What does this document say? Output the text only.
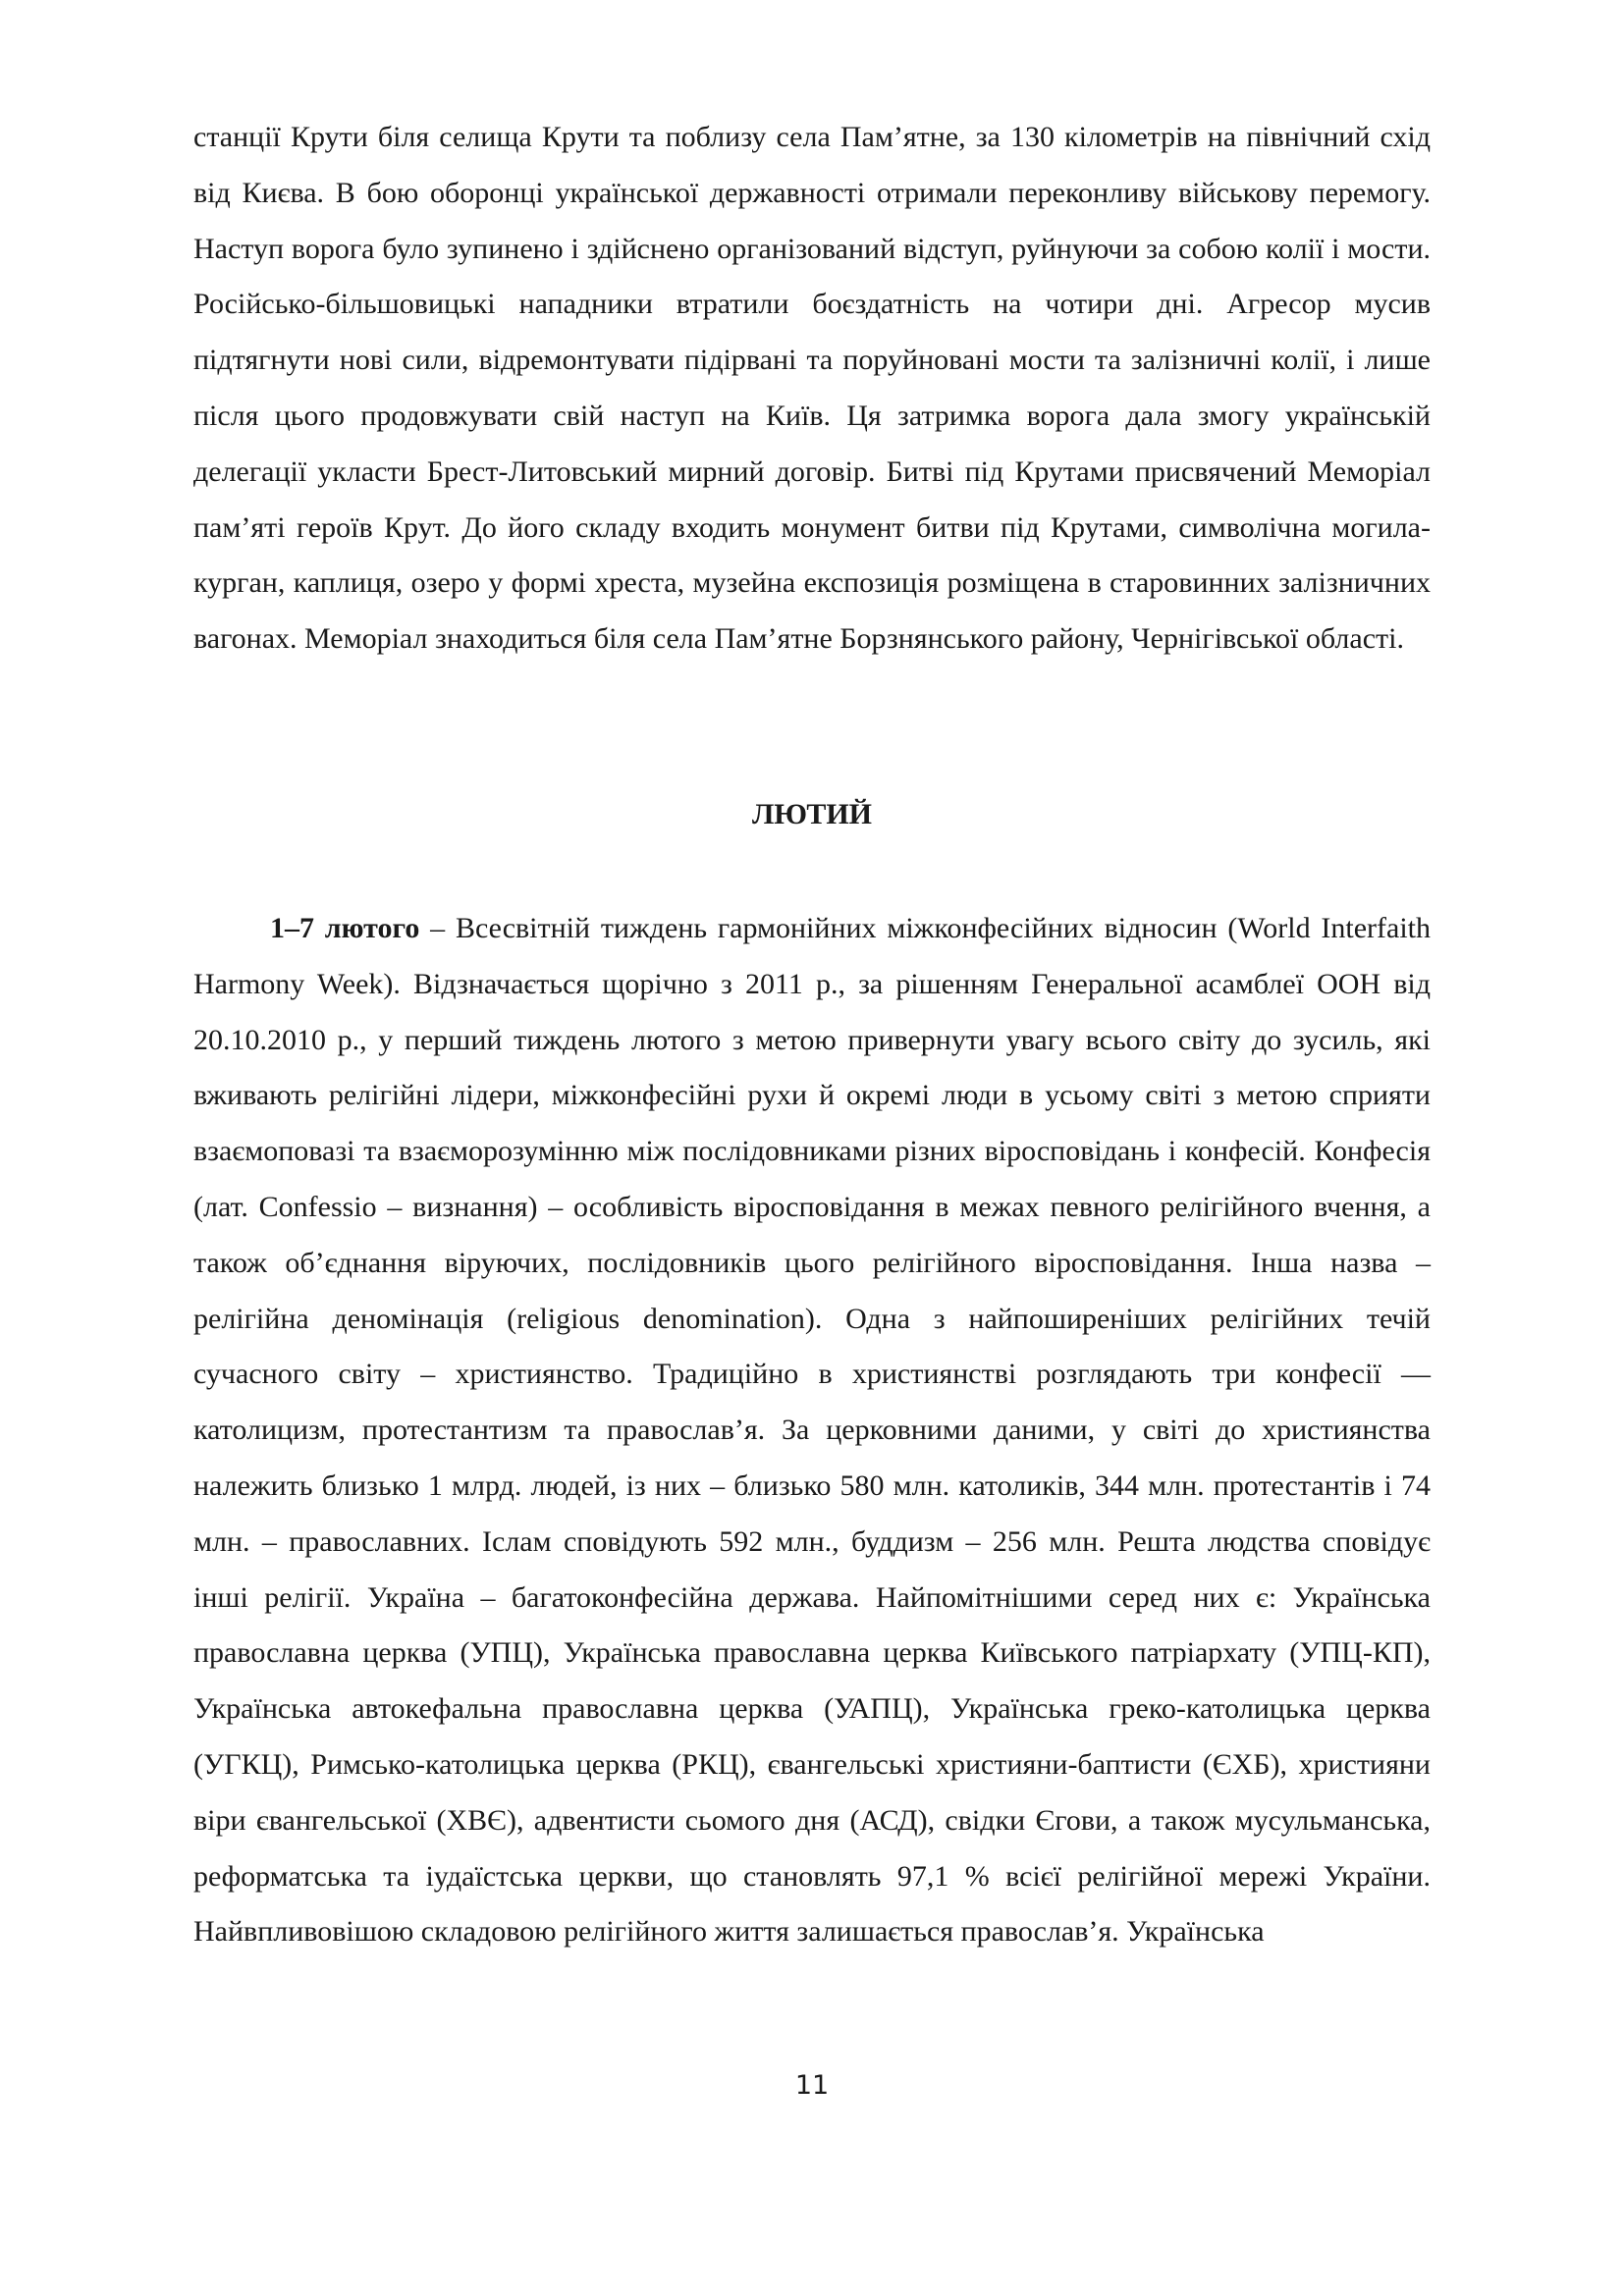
станції Крути біля селища Крути та поблизу села Пам’ятне, за 130 кілометрів на північний схід від Києва. В бою оборонці української державності отримали переконливу військову перемогу. Наступ ворога було зупинено і здійснено організований відступ, руйнуючи за собою колії і мости. Російсько-більшовицькі нападники втратили боєздатність на чотири дні. Агресор мусив підтягнути нові сили, відремонтувати підірвані та поруйновані мости та залізничні колії, і лише після цього продовжувати свій наступ на Київ. Ця затримка ворога дала змогу українській делегації укласти Брест-Литовський мирний договір. Битві під Крутами присвячений Меморіал пам’яті героїв Крут. До його складу входить монумент битви під Крутами, символічна могила-курган, каплиця, озеро у формі хреста, музейна експозиція розміщена в старовинних залізничних вагонах. Меморіал знаходиться біля села Пам’ятне Борзнянського району, Чернігівської області.

ЛЮТИЙ

1–7 лютого – Всесвітній тиждень гармонійних міжконфесійних відносин (World Interfaith Harmony Week). Відзначається щорічно з 2011 р., за рішенням Генеральної асамблеї ООН від 20.10.2010 р., у перший тиждень лютого з метою привернути увагу всього світу до зусиль, які вживають релігійні лідери, міжконфесійні рухи й окремі люди в усьому світі з метою сприяти взаємоповазі та взаєморозумінню між послідовниками різних віросповідань і конфесій. Конфесія (лат. Confessio – визнання) – особливість віросповідання в межах певного релігійного вчення, а також об’єднання віруючих, послідовників цього релігійного віросповідання. Інша назва – релігійна деномінація (religious denomination). Одна з найпоширеніших релігійних течій сучасного світу – християнство. Традиційно в християнстві розглядають три конфесії — католицизм, протестантизм та православ’я. За церковними даними, у світі до християнства належить близько 1 млрд. людей, із них – близько 580 млн. католиків, 344 млн. протестантів і 74 млн. – православних. Іслам сповідують 592 млн., буддизм – 256 млн. Решта людства сповідує інші релігії. Україна – багатоконфесійна держава. Найпомітнішими серед них є: Українська православна церква (УПЦ), Українська православна церква Київського патріархату (УПЦ-КП), Українська автокефальна православна церква (УАПЦ), Українська греко-католицька церква (УГКЦ), Римсько-католицька церква (РКЦ), євангельські християни-баптисти (ЄХБ), християни віри євангельської (ХВЄ), адвентисти сьомого дня (АСД), свідки Єгови, а також мусульманська, реформатська та іудаїстська церкви, що становлять 97,1 % всієї релігійної мережі України. Найвпливовішою складовою релігійного життя залишається православ’я. Українська

11
